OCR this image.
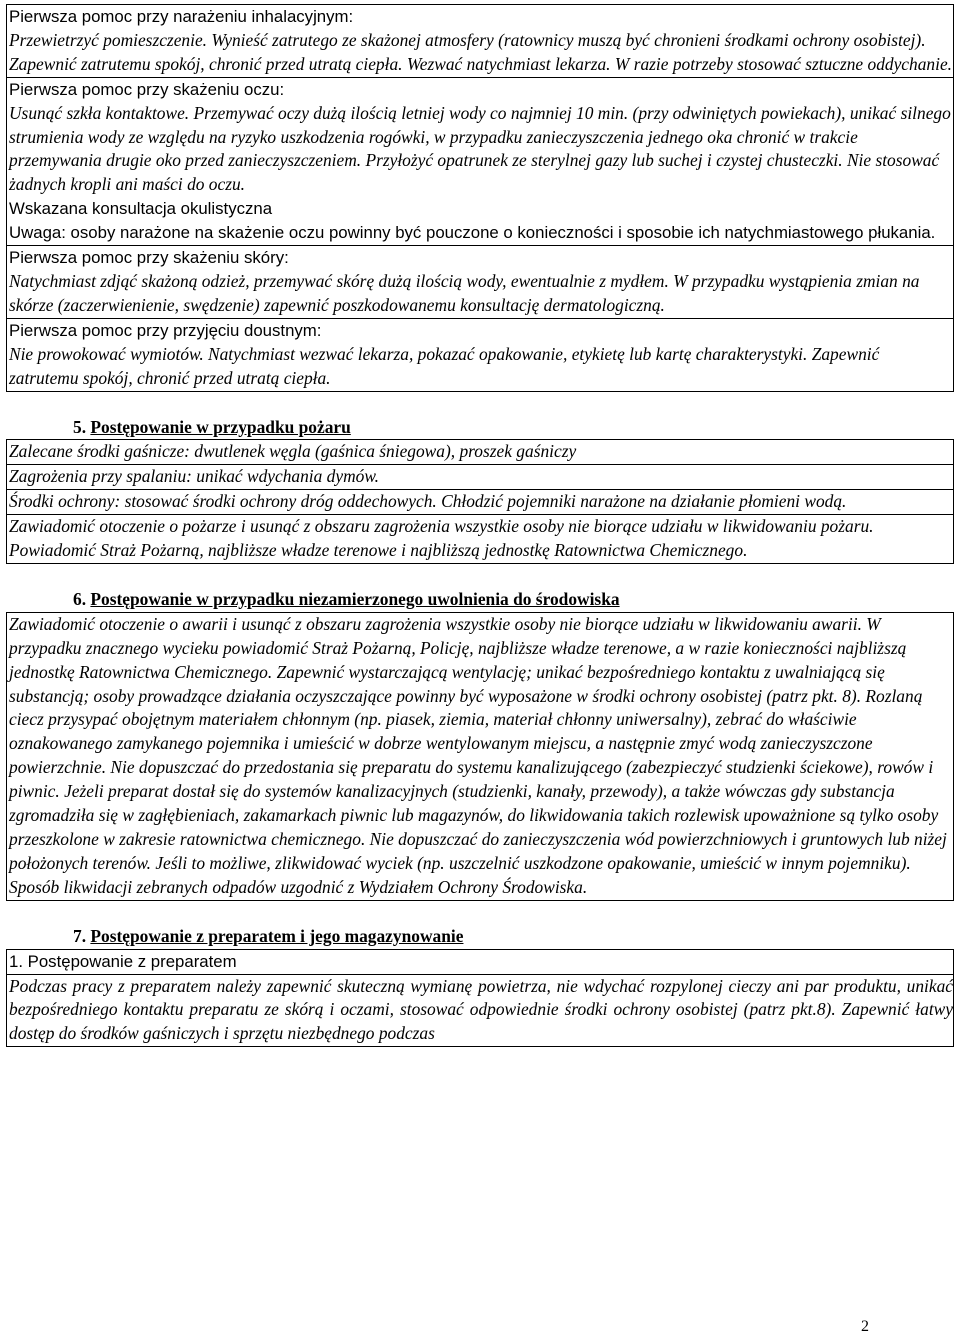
Pierwsza pomoc przy narażeniu inhalacyjnym:
Przewietrzyć pomieszczenie. Wynieść zatrutego ze skażonej atmosfery (ratownicy muszą być chronieni środkami ochrony osobistej). Zapewnić zatrutemu spokój, chronić przed utratą ciepła. Wezwać natychmiast lekarza. W razie potrzeby stosować sztuczne oddychanie.
Pierwsza pomoc przy skażeniu oczu:
Usunąć szkła kontaktowe. Przemywać oczy dużą ilością letniej wody co najmniej 10 min. (przy odwiniętych powiekach), unikać silnego strumienia wody ze względu na ryzyko uszkodzenia rogówki, w przypadku zanieczyszczenia jednego oka chronić w trakcie przemywania drugie oko przed zanieczyszczeniem. Przyłożyć opatrunek ze sterylnej gazy lub suchej i czystej chusteczki. Nie stosować żadnych kropli ani maści do oczu.
Wskazana konsultacja okulistyczna
Uwaga: osoby narażone na skażenie oczu powinny być pouczone o konieczności i sposobie ich natychmiastowego płukania.
Pierwsza pomoc przy skażeniu skóry:
Natychmiast zdjąć skażoną odzież, przemywać skórę dużą ilością wody, ewentualnie z mydłem. W przypadku wystąpienia zmian na skórze (zaczerwienienie, swędzenie) zapewnić poszkodowanemu konsultację dermatologiczną.
Pierwsza pomoc przy przyjęciu doustnym:
Nie prowokować wymiotów. Natychmiast wezwać lekarza, pokazać opakowanie, etykietę lub kartę charakterystyki. Zapewnić zatrutemu spokój, chronić przed utratą ciepła.

5. Postępowanie w przypadku pożaru

Zalecane środki gaśnicze: dwutlenek węgla (gaśnica śniegowa), proszek gaśniczy
Zagrożenia przy spalaniu: unikać wdychania dymów.
Środki ochrony: stosować środki ochrony dróg oddechowych. Chłodzić pojemniki narażone na działanie płomieni wodą.
Zawiadomić otoczenie o pożarze i usunąć z obszaru zagrożenia wszystkie osoby nie biorące udziału w likwidowaniu pożaru. Powiadomić Straż Pożarną, najbliższe władze terenowe i najbliższą jednostkę Ratownictwa Chemicznego.

6. Postępowanie w przypadku niezamierzonego uwolnienia do środowiska

Zawiadomić otoczenie o awarii i usunąć z obszaru zagrożenia wszystkie osoby nie biorące udziału w likwidowaniu awarii. W przypadku znacznego wycieku powiadomić Straż Pożarną, Policję, najbliższe władze terenowe, a w razie konieczności najbliższą jednostkę Ratownictwa Chemicznego. Zapewnić wystarczającą wentylację; unikać bezpośredniego kontaktu z uwalniającą się substancją; osoby prowadzące działania oczyszczające powinny być wyposażone w środki ochrony osobistej (patrz pkt. 8). Rozlaną ciecz przysypać obojętnym materiałem chłonnym (np. piasek, ziemia, materiał chłonny uniwersalny), zebrać do właściwie oznakowanego zamykanego pojemnika i umieścić w dobrze wentylowanym miejscu, a następnie zmyć wodą zanieczyszczone powierzchnie. Nie dopuszczać do przedostania się preparatu do systemu kanalizującego (zabezpieczyć studzienki ściekowe), rowów i piwnic. Jeżeli preparat dostał się do systemów kanalizacyjnych (studzienki, kanały, przewody), a także wówczas gdy substancja zgromadziła się w zagłębieniach, zakamarkach piwnic lub magazynów, do likwidowania takich rozlewisk upoważnione są tylko osoby przeszkolone w zakresie ratownictwa chemicznego. Nie dopuszczać do zanieczyszczenia wód powierzchniowych i gruntowych lub niżej położonych terenów. Jeśli to możliwe, zlikwidować wyciek (np. uszczelnić uszkodzone opakowanie, umieścić w innym pojemniku). Sposób likwidacji zebranych odpadów uzgodnić z Wydziałem Ochrony Środowiska.

7. Postępowanie z preparatem i jego magazynowanie

1. Postępowanie z preparatem
Podczas pracy z preparatem należy zapewnić skuteczną wymianę powietrza, nie wdychać rozpylonej cieczy ani par produktu, unikać bezpośredniego kontaktu preparatu ze skórą i oczami, stosować odpowiednie środki ochrony osobistej (patrz pkt.8). Zapewnić łatwy dostęp do środków gaśniczych i sprzętu niezbędnego podczas
2
